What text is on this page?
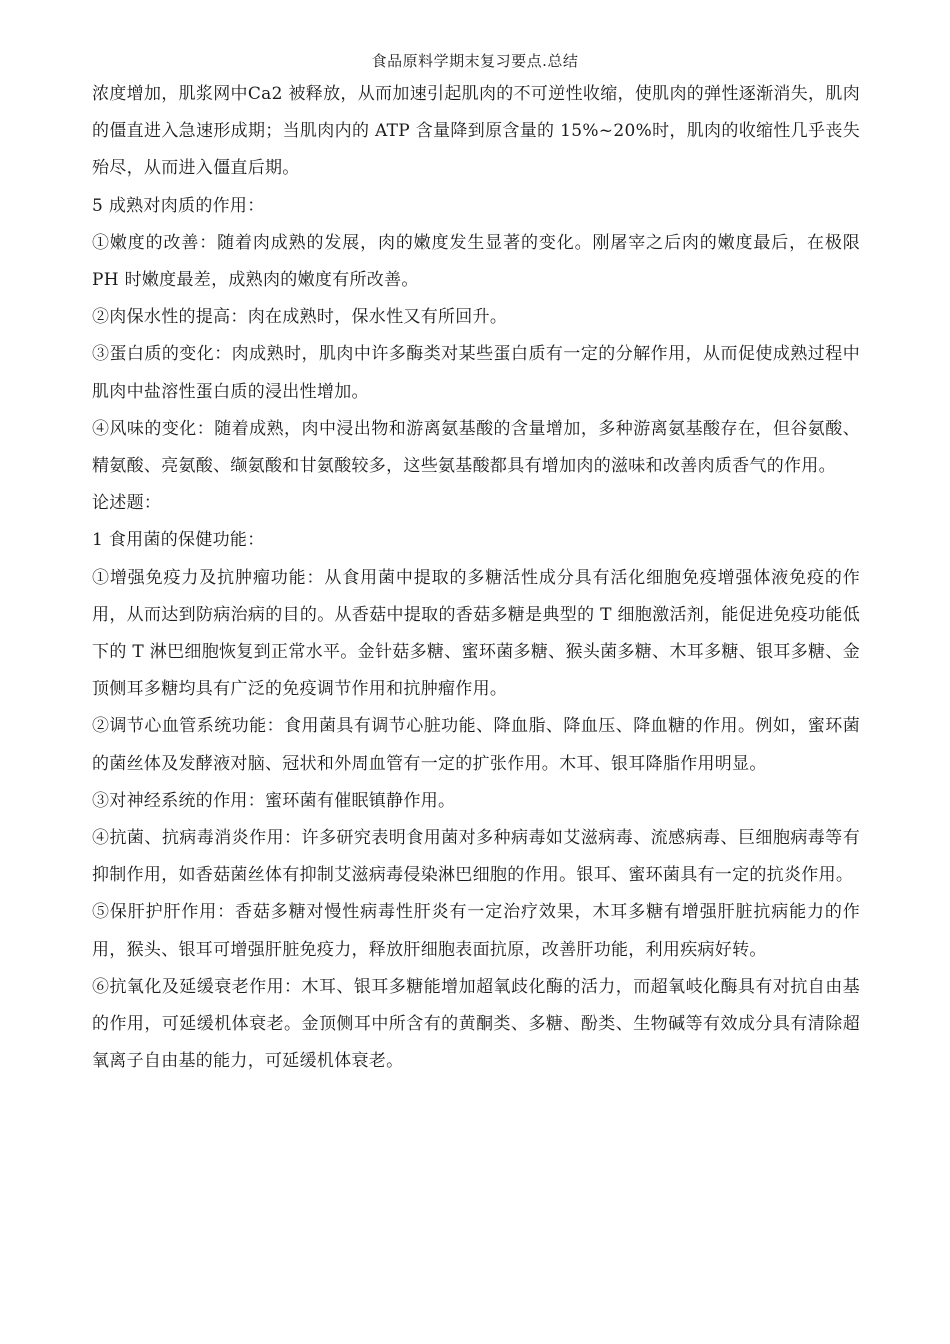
食品原料学期末复习要点.总结

浓度增加，肌浆网中Ca2 被释放，从而加速引起肌肉的不可逆性收缩，使肌肉的弹性逐渐消失，肌肉的僵直进入急速形成期；当肌肉内的 ATP 含量降到原含量的 15%~20%时，肌肉的收缩性几乎丧失殆尽，从而进入僵直后期。

5 成熟对肉质的作用：

①嫩度的改善：随着肉成熟的发展，肉的嫩度发生显著的变化。刚屠宰之后肉的嫩度最后，在极限 PH 时嫩度最差，成熟肉的嫩度有所改善。

②肉保水性的提高：肉在成熟时，保水性又有所回升。

③蛋白质的变化：肉成熟时，肌肉中许多酶类对某些蛋白质有一定的分解作用，从而促使成熟过程中肌肉中盐溶性蛋白质的浸出性增加。

④风味的变化：随着成熟，肉中浸出物和游离氨基酸的含量增加，多种游离氨基酸存在，但谷氨酸、精氨酸、亮氨酸、缬氨酸和甘氨酸较多，这些氨基酸都具有增加肉的滋味和改善肉质香气的作用。

论述题：

1 食用菌的保健功能：

①增强免疫力及抗肿瘤功能：从食用菌中提取的多糖活性成分具有活化细胞免疫增强体液免疫的作用，从而达到防病治病的目的。从香菇中提取的香菇多糖是典型的 T 细胞激活剂，能促进免疫功能低下的 T 淋巴细胞恢复到正常水平。金针菇多糖、蜜环菌多糖、猴头菌多糖、木耳多糖、银耳多糖、金顶侧耳多糖均具有广泛的免疫调节作用和抗肿瘤作用。

②调节心血管系统功能：食用菌具有调节心脏功能、降血脂、降血压、降血糖的作用。例如，蜜环菌的菌丝体及发酵液对脑、冠状和外周血管有一定的扩张作用。木耳、银耳降脂作用明显。

③对神经系统的作用：蜜环菌有催眠镇静作用。

④抗菌、抗病毒消炎作用：许多研究表明食用菌对多种病毒如艾滋病毒、流感病毒、巨细胞病毒等有抑制作用，如香菇菌丝体有抑制艾滋病毒侵染淋巴细胞的作用。银耳、蜜环菌具有一定的抗炎作用。

⑤保肝护肝作用：香菇多糖对慢性病毒性肝炎有一定治疗效果，木耳多糖有增强肝脏抗病能力的作用，猴头、银耳可增强肝脏免疫力，释放肝细胞表面抗原，改善肝功能，利用疾病好转。

⑥抗氧化及延缓衰老作用：木耳、银耳多糖能增加超氧歧化酶的活力，而超氧岐化酶具有对抗自由基的作用，可延缓机体衰老。金顶侧耳中所含有的黄酮类、多糖、酚类、生物碱等有效成分具有清除超氧离子自由基的能力，可延缓机体衰老。
